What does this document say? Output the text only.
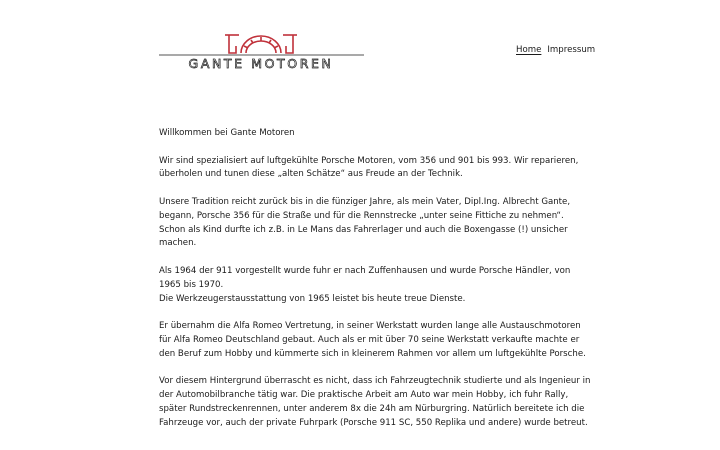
GANTE MOTOREN
Home Impressum

Willkommen bei Gante Motoren

Wir sind spezialisiert auf luftgekühlte Porsche Motoren, vom 356 und 901 bis 993. Wir reparieren,
überholen und tunen diese „alten Schätze“ aus Freude an der Technik.

Unsere Tradition reicht zurück bis in die fünziger Jahre, als mein Vater, Dipl.Ing. Albrecht Gante,
begann, Porsche 356 für die Straße und für die Rennstrecke „unter seine Fittiche zu nehmen“.
Schon als Kind durfte ich z.B. in Le Mans das Fahrerlager und auch die Boxengasse (!) unsicher
machen.

Als 1964 der 911 vorgestellt wurde fuhr er nach Zuffenhausen und wurde Porsche Händler, von
1965 bis 1970.
Die Werkzeugerstausstattung von 1965 leistet bis heute treue Dienste.

Er übernahm die Alfa Romeo Vertretung, in seiner Werkstatt wurden lange alle Austauschmotoren
für Alfa Romeo Deutschland gebaut. Auch als er mit über 70 seine Werkstatt verkaufte machte er
den Beruf zum Hobby und kümmerte sich in kleinerem Rahmen vor allem um luftgekühlte Porsche.

Vor diesem Hintergrund überrascht es nicht, dass ich Fahrzeugtechnik studierte und als Ingenieur in
der Automobilbranche tätig war. Die praktische Arbeit am Auto war mein Hobby, ich fuhr Rally,
später Rundstreckenrennen, unter anderem 8x die 24h am Nürburgring. Natürlich bereitete ich die
Fahrzeuge vor, auch der private Fuhrpark (Porsche 911 SC, 550 Replika und andere) wurde betreut.
